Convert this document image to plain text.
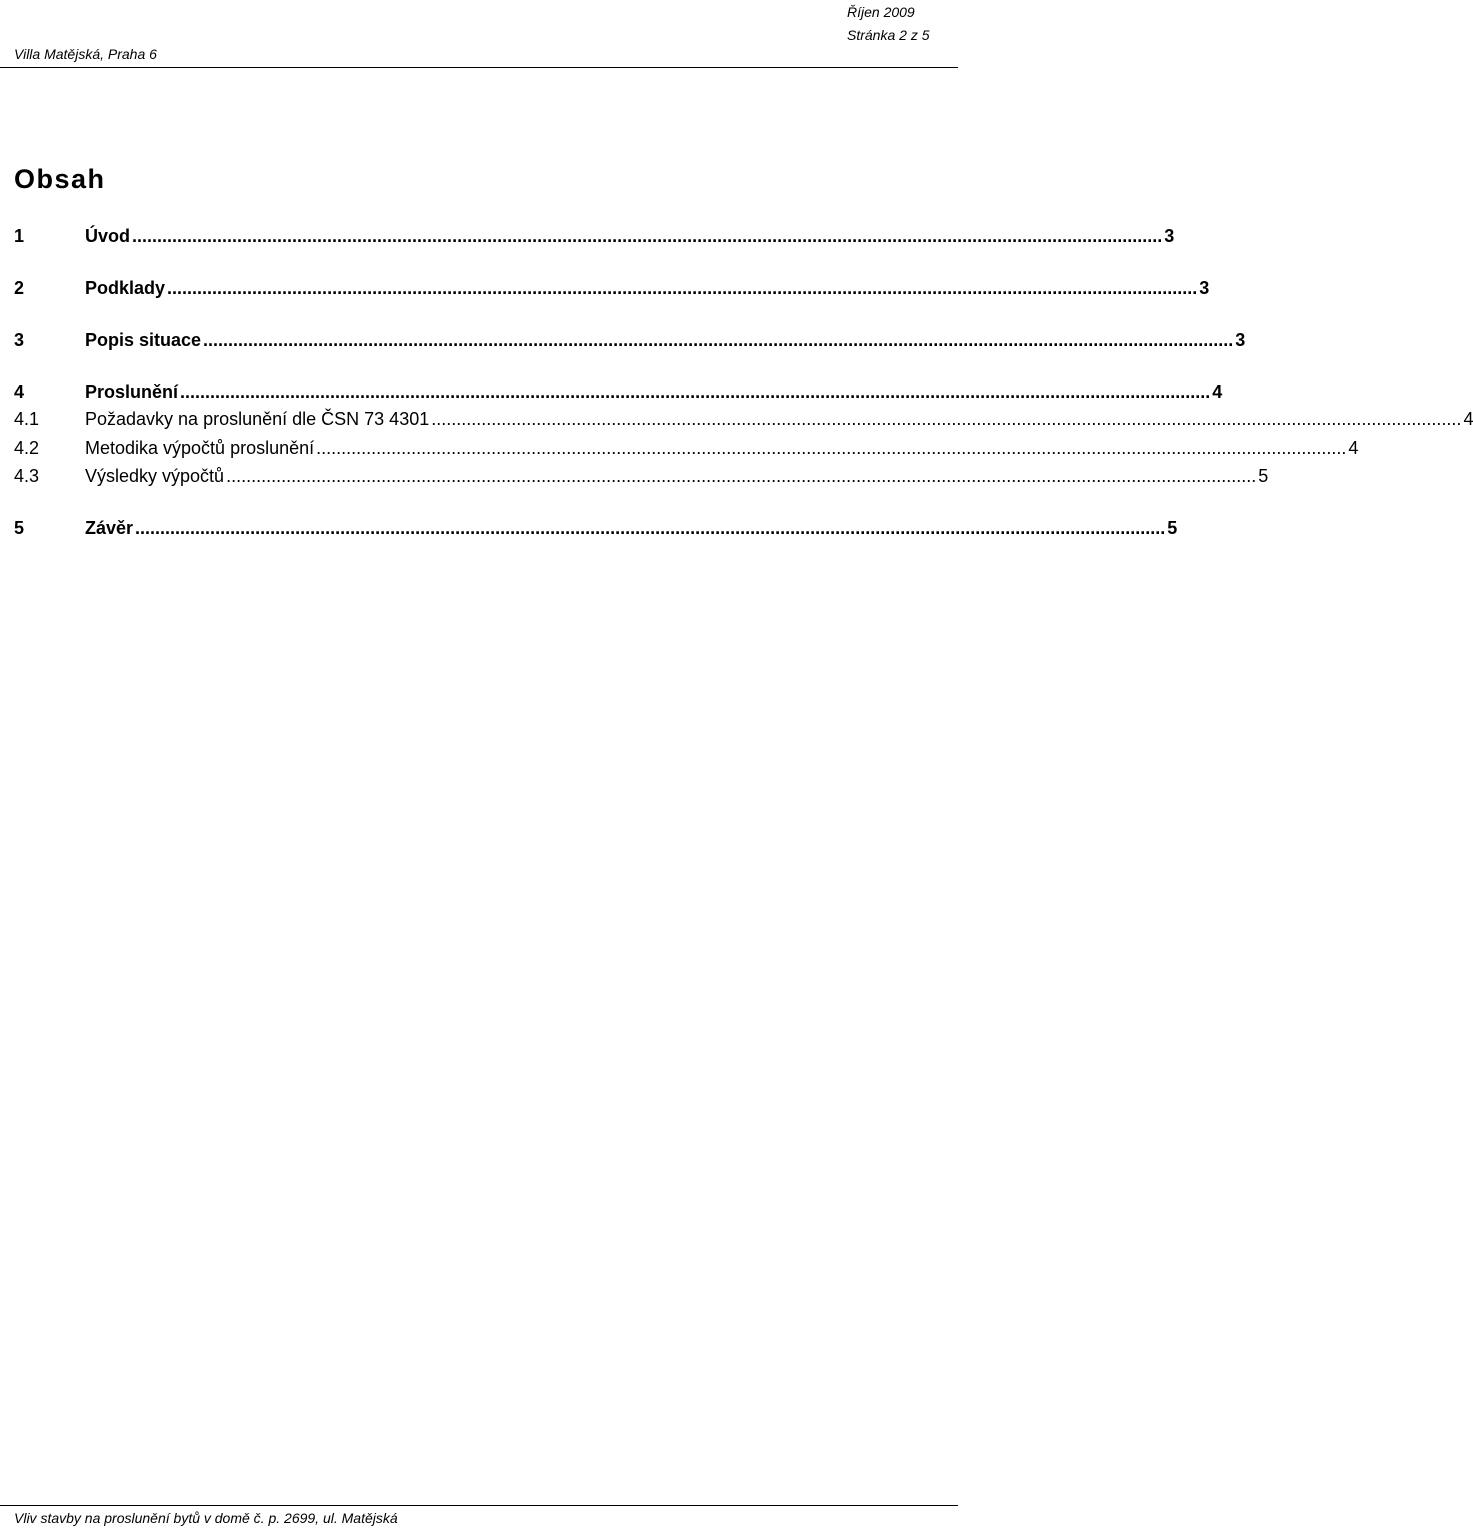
Villa Matějská, Praha 6
Říjen 2009
Stránka 2 z 5
Obsah
1	Úvod .............................................................................................................................................................................................................. 3
2	Podklady .............................................................................................................................................................................................................. 3
3	Popis situace .............................................................................................................................................................................................................. 3
4	Proslunění .............................................................................................................................................................................................................. 4
4.1	Požadavky na proslunění dle ČSN 73 4301 .............................................................................................................................................................................................................. 4
4.2	Metodika výpočtů proslunění .............................................................................................................................................................................................................. 4
4.3	Výsledky výpočtů .............................................................................................................................................................................................................. 5
5	Závěr .............................................................................................................................................................................................................. 5
Vliv stavby na proslunění bytů v domě č. p. 2699, ul. Matějská
